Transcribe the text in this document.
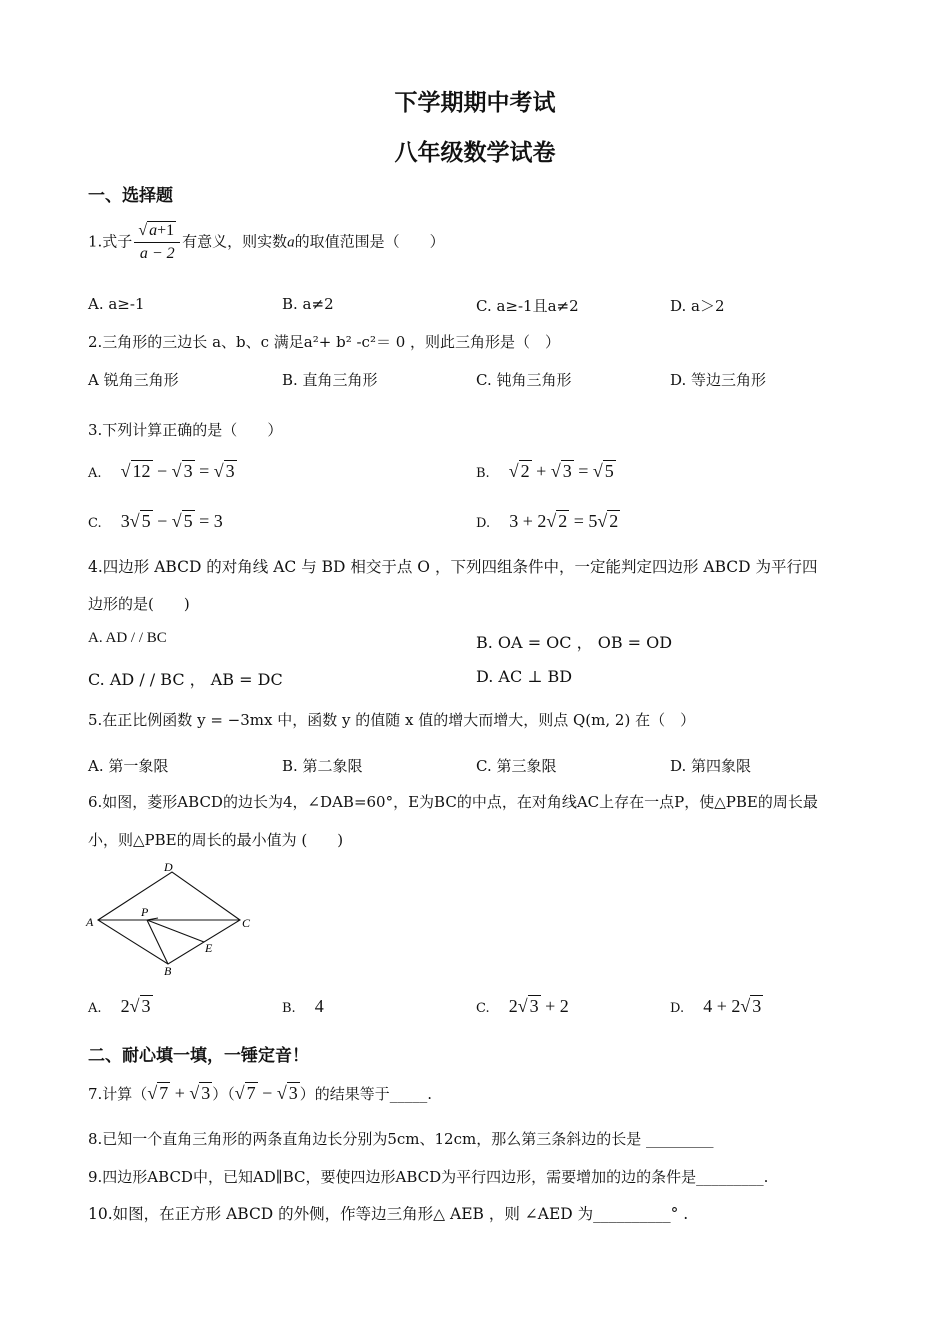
下学期期中考试
八年级数学试卷
一、选择题
1.式子 $\frac{√ a+1}{a - 2}$ 有意义，则实数a的取值范围是（　　）
A. a≥-1	B. a≠2	C. a≥-1且a≠2	D. a＞2
2.三角形的三边长 a、b、c 满足a²+ b² -c²＝ 0 ，则此三角形是（　）
A 锐角三角形	B. 直角三角形	C. 钝角三角形	D. 等边三角形
3.下列计算正确的是（　　）
A. √ 12 − √ 3 = √ 3	B. √ 2 + √ 3 = √ 5
C. 3√ 5 − √ 5 = 3	D. 3 + 2√ 2 = 5√ 2
4.四边形 ABCD 的对角线 AC 与 BD 相交于点 O ，下列四组条件中，一定能判定四边形 ABCD 为平行四
边形的是(　　)
A. AD / / BC	B. OA = OC ， OB = OD
C. AD / / BC ， AB = DC	D. AC ⊥ BD
5.在正比例函数 y = −3mx 中，函数 y 的值随 x 值的增大而增大，则点 Q(m, 2) 在（　）
A. 第一象限	B. 第二象限	C. 第三象限	D. 第四象限
6.如图，菱形ABCD的边长为4，∠DAB=60°，E为BC的中点，在对角线AC上存在一点P，使△PBE的周长最
小，则△PBE的周长的最小值为 (　　)
A
D
C
B
P
E
A. 2√ 3	B. 4	C. 2√ 3 + 2	D. 4 + 2√ 3
二、耐心填一填，一锤定音！
7.计算（√ 7 + √ 3 ）（√ 7 − √ 3 ）的结果等于_____.
8.已知一个直角三角形的两条直角边长分别为5cm、12cm，那么第三条斜边的长是 _________
9.四边形ABCD中，已知AD∥BC，要使四边形ABCD为平行四边形，需要增加的边的条件是_________.
10.如图，在正方形 ABCD 的外侧，作等边三角形△ AEB ，则 ∠AED 为__________° .
